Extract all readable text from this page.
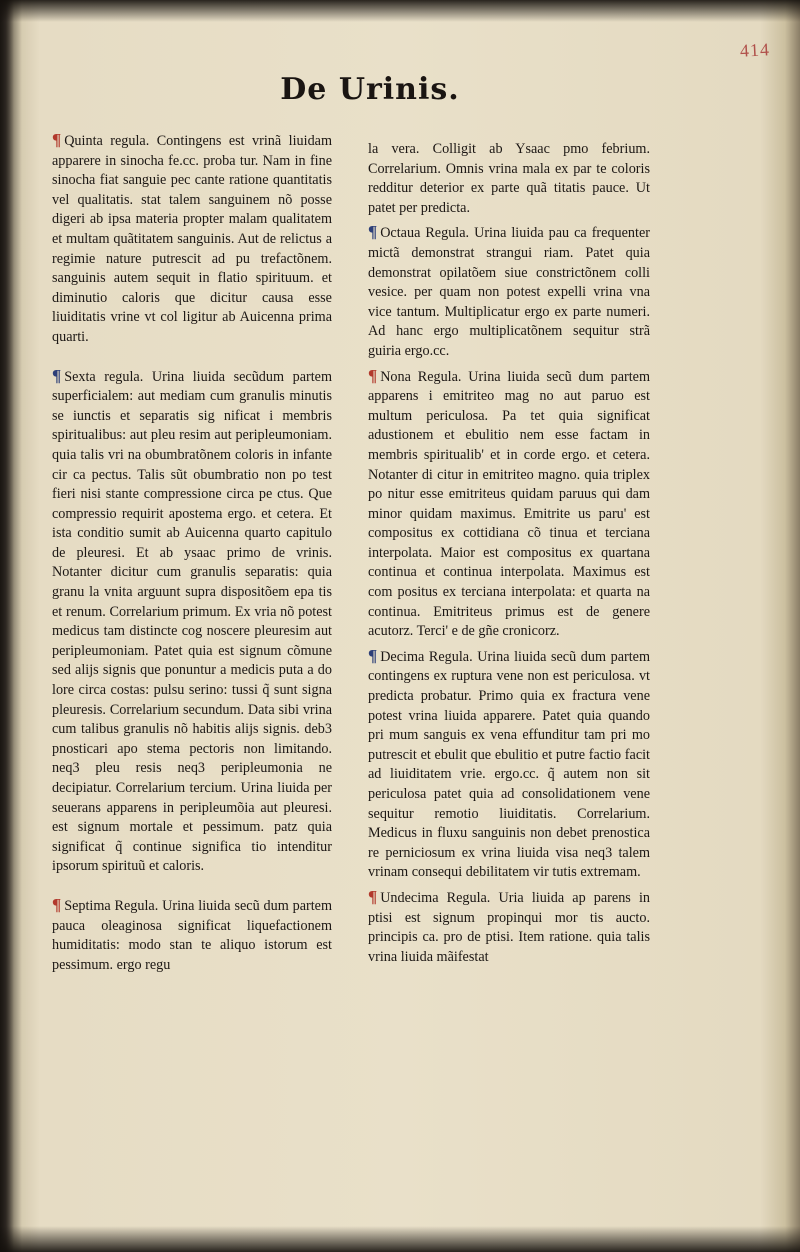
414
De Urinis.

¶ Quinta regula. Contingens est vrinã liuidam apparere in sinocha fe.cc. proba tur. Nam in fine sinocha fiat sanguie pec cante ratione quantitatis vel qualitatis. stat talem sanguinem nõ posse digeri ab ipsa materia propter malam qualitatem et multam quãtitatem sanguinis. Aut de relictus a regimie nature putrescit ad pu trefactõnem. sanguinis autem sequit in flatio spirituum. et diminutio caloris que dicitur causa esse liuiditatis vrine vt col ligitur ab Auicenna prima quarti.

¶ Sexta regula. Urina liuida secũdum partem superficialem: aut mediam cum granulis minutis se iunctis et separatis sig nificat i membris spiritualibus: aut pleu resim aut peripleumoniam. quia talis vri na obumbratõnem coloris in infante cir ca pectus. Talis sũt obumbratio non po test fieri nisi stante compressione circa pe ctus. Que compressio requirit apostema ergo. et cetera. Et ista conditio sumit ab Auicenna quarto capitulo de pleuresi. Et ab ysaac primo de vrinis. Notanter dicitur cum granulis separatis: quia granu la vnita arguunt supra dispositõem epa tis et renum. Correlarium primum. Ex vria nõ potest medicus tam distincte cog noscere pleuresim aut peripleumoniam. Patet quia est signum cõmune sed alijs signis que ponuntur a medicis puta a do lore circa costas: pulsu serino: tussi q̃ sunt signa pleuresis. Correlarium secundum. Data sibi vrina cum talibus granulis nõ habitis alijs signis. deb3 pnosticari apo stema pectoris non limitando. neq3 pleu resis neq3 peripleumonia ne decipiatur. Correlarium tercium. Urina liuida per seuerans apparens in peripleumõia aut pleuresi. est signum mortale et pessimum. patz quia significat q̃ continue significa tio intenditur ipsorum spirituũ et caloris.

¶ Septima Regula. Urina liuida secũ dum partem pauca oleaginosa significat liquefactionem humiditatis: modo stan te aliquo istorum est pessimum. ergo regu

la vera. Colligit ab Ysaac pmo febrium. Correlarium. Omnis vrina mala ex par te coloris redditur deterior ex parte quã titatis pauce. Ut patet per predicta.

¶ Octaua Regula. Urina liuida pau ca frequenter mictã demonstrat strangui riam. Patet quia demonstrat opilatõem siue constrictõnem colli vesice. per quam non potest expelli vrina vna vice tantum. Multiplicatur ergo ex parte numeri. Ad hanc ergo multiplicatõnem sequitur strã guiria ergo.cc.

¶ Nona Regula. Urina liuida secũ dum partem apparens i emitriteo mag no aut paruo est multum periculosa. Pa tet quia significat adustionem et ebulitio nem esse factam in membris spiritualib' et in corde ergo. et cetera. Notanter di citur in emitriteo magno. quia triplex po nitur esse emitriteus quidam paruus qui dam minor quidam maximus. Emitrite us paru' est compositus ex cottidiana cõ tinua et terciana interpolata. Maior est compositus ex quartana continua et continua interpolata. Maximus est com positus ex terciana interpolata: et quarta na continua. Emitriteus primus est de genere acutorz. Terci' e de gñe cronicorz.

¶ Decima Regula. Urina liuida secũ dum partem contingens ex ruptura vene non est periculosa. vt predicta probatur. Primo quia ex fractura vene potest vrina liuida apparere. Patet quia quando pri mum sanguis ex vena effunditur tam pri mo putrescit et ebulit que ebulitio et putre factio facit ad liuiditatem vrie. ergo.cc. q̃ autem non sit periculosa patet quia ad consolidationem vene sequitur remotio liuiditatis. Correlarium. Medicus in fluxu sanguinis non debet prenostica re perniciosum ex vrina liuida visa neq3 talem vrinam consequi debilitatem vir tutis extremam.

¶ Undecima Regula. Uria liuida ap parens in ptisi est signum propinqui mor tis aucto. principis ca. pro de ptisi. Item ratione. quia talis vrina liuida mãifestat
